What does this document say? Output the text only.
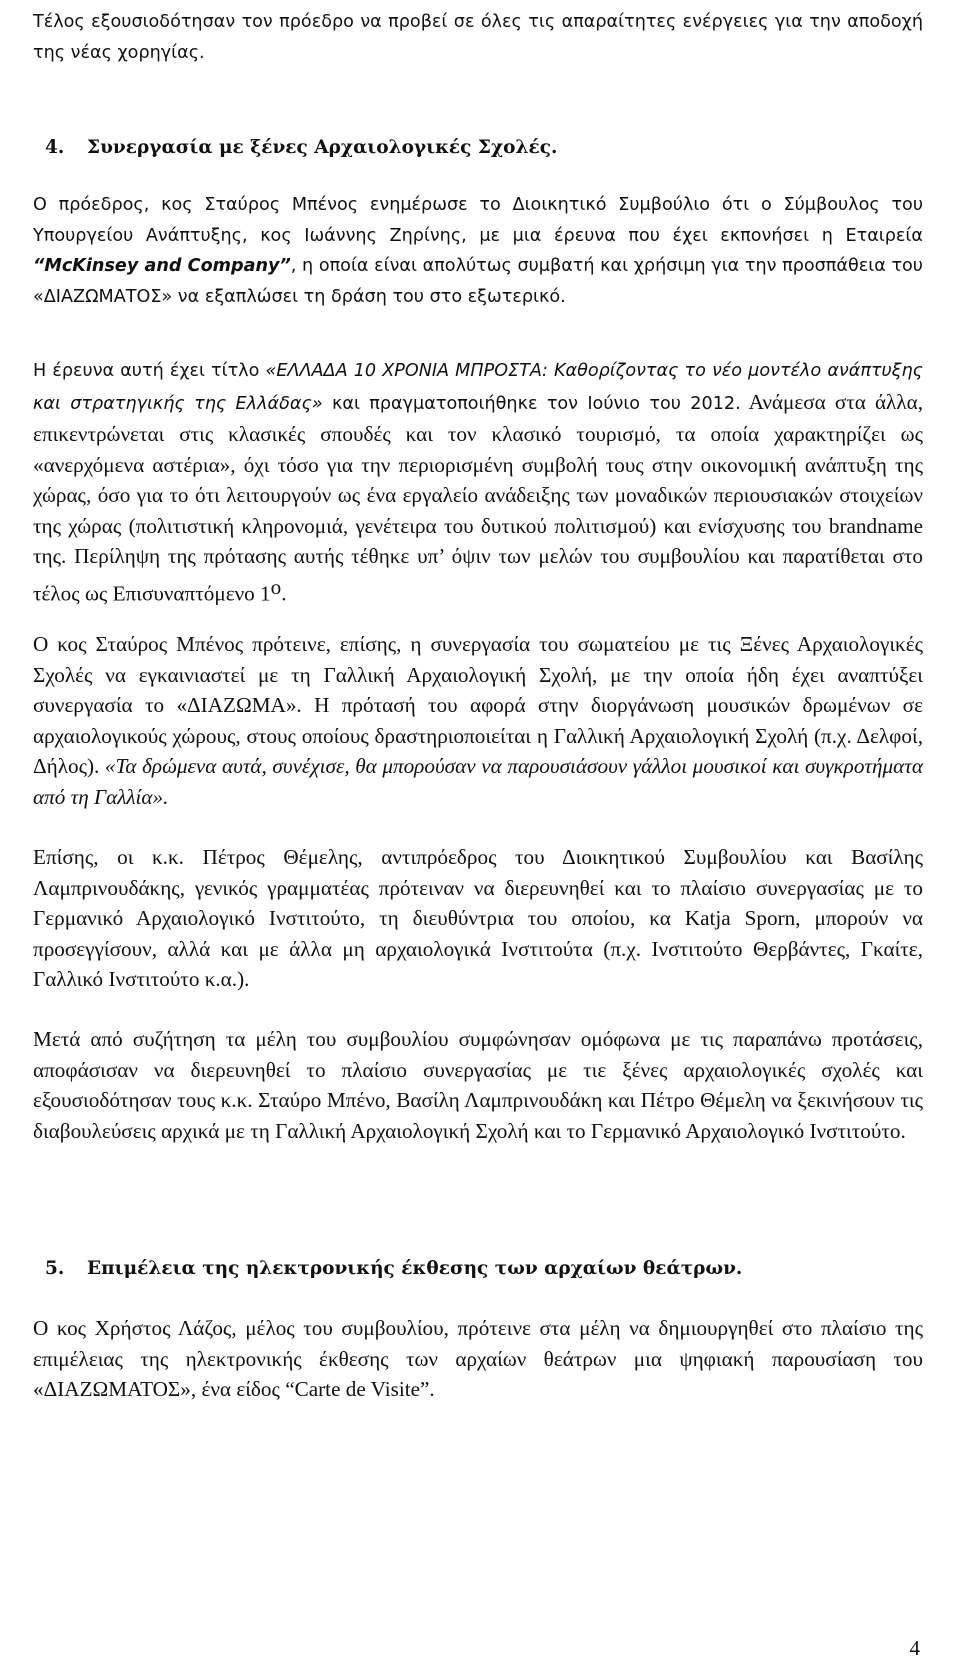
Τέλος εξουσιοδότησαν τον πρόεδρο να προβεί σε όλες τις απαραίτητες ενέργειες για την αποδοχή της νέας χορηγίας.

4. Συνεργασία με ξένες Αρχαιολογικές Σχολές.

Ο πρόεδρος, κος Σταύρος Μπένος ενημέρωσε το Διοικητικό Συμβούλιο ότι ο Σύμβουλος του Υπουργείου Ανάπτυξης, κος Ιωάννης Ζηρίνης, με μια έρευνα που έχει εκπονήσει η Εταιρεία “McKinsey and Company”, η οποία είναι απολύτως συμβατή και χρήσιμη για την προσπάθεια του «ΔΙΑΖΩΜΑΤΟΣ» να εξαπλώσει τη δράση του στο εξωτερικό.

Η έρευνα αυτή έχει τίτλο «ΕΛΛΑΔΑ 10 ΧΡΟΝΙΑ ΜΠΡΟΣΤΑ: Καθορίζοντας το νέο μοντέλο ανάπτυξης και στρατηγικής της Ελλάδας» και πραγματοποιήθηκε τον Ιούνιο του 2012. Ανάμεσα στα άλλα, επικεντρώνεται στις κλασικές σπουδές και τον κλασικό τουρισμό, τα οποία χαρακτηρίζει ως «ανερχόμενα αστέρια», όχι τόσο για την περιορισμένη συμβολή τους στην οικονομική ανάπτυξη της χώρας, όσο για το ότι λειτουργούν ως ένα εργαλείο ανάδειξης των μοναδικών περιουσιακών στοιχείων της χώρας (πολιτιστική κληρονομιά, γενέτειρα του δυτικού πολιτισμού) και ενίσχυσης του brandname της. Περίληψη της πρότασης αυτής τέθηκε υπ’ όψιν των μελών του συμβουλίου και παρατίθεται στο τέλος ως Επισυναπτόμενο $1^o$.

Ο κος Σταύρος Μπένος πρότεινε, επίσης, η συνεργασία του σωματείου με τις Ξένες Αρχαιολογικές Σχολές να εγκαινιαστεί με τη Γαλλική Αρχαιολογική Σχολή, με την οποία ήδη έχει αναπτύξει συνεργασία το «ΔΙΑΖΩΜΑ». Η πρότασή του αφορά στην διοργάνωση μουσικών δρωμένων σε αρχαιολογικούς χώρους, στους οποίους δραστηριοποιείται η Γαλλική Αρχαιολογική Σχολή (π.χ. Δελφοί, Δήλος). «Τα δρώμενα αυτά, συνέχισε, θα μπορούσαν να παρουσιάσουν γάλλοι μουσικοί και συγκροτήματα από τη Γαλλία».

Επίσης, οι κ.κ. Πέτρος Θέμελης, αντιπρόεδρος του Διοικητικού Συμβουλίου και Βασίλης Λαμπρινουδάκης, γενικός γραμματέας πρότειναν να διερευνηθεί και το πλαίσιο συνεργασίας με το Γερμανικό Αρχαιολογικό Ινστιτούτο, τη διευθύντρια του οποίου, κα Katja Sporn, μπορούν να προσεγγίσουν, αλλά και με άλλα μη αρχαιολογικά Ινστιτούτα (π.χ. Ινστιτούτο Θερβάντες, Γκαίτε, Γαλλικό Ινστιτούτο κ.α.).

Μετά από συζήτηση τα μέλη του συμβουλίου συμφώνησαν ομόφωνα με τις παραπάνω προτάσεις, αποφάσισαν να διερευνηθεί το πλαίσιο συνεργασίας με τιε ξένες αρχαιολογικές σχολές και εξουσιοδότησαν τους κ.κ. Σταύρο Μπένο, Βασίλη Λαμπρινουδάκη και Πέτρο Θέμελη να ξεκινήσουν τις διαβουλεύσεις αρχικά με τη Γαλλική Αρχαιολογική Σχολή και το Γερμανικό Αρχαιολογικό Ινστιτούτο.

5. Επιμέλεια της ηλεκτρονικής έκθεσης των αρχαίων θεάτρων.

Ο κος Χρήστος Λάζος, μέλος του συμβουλίου, πρότεινε στα μέλη να δημιουργηθεί στο πλαίσιο της επιμέλειας της ηλεκτρονικής έκθεσης των αρχαίων θεάτρων μια ψηφιακή παρουσίαση του «ΔΙΑΖΩΜΑΤΟΣ», ένα είδος “Carte de Visite”.

4
